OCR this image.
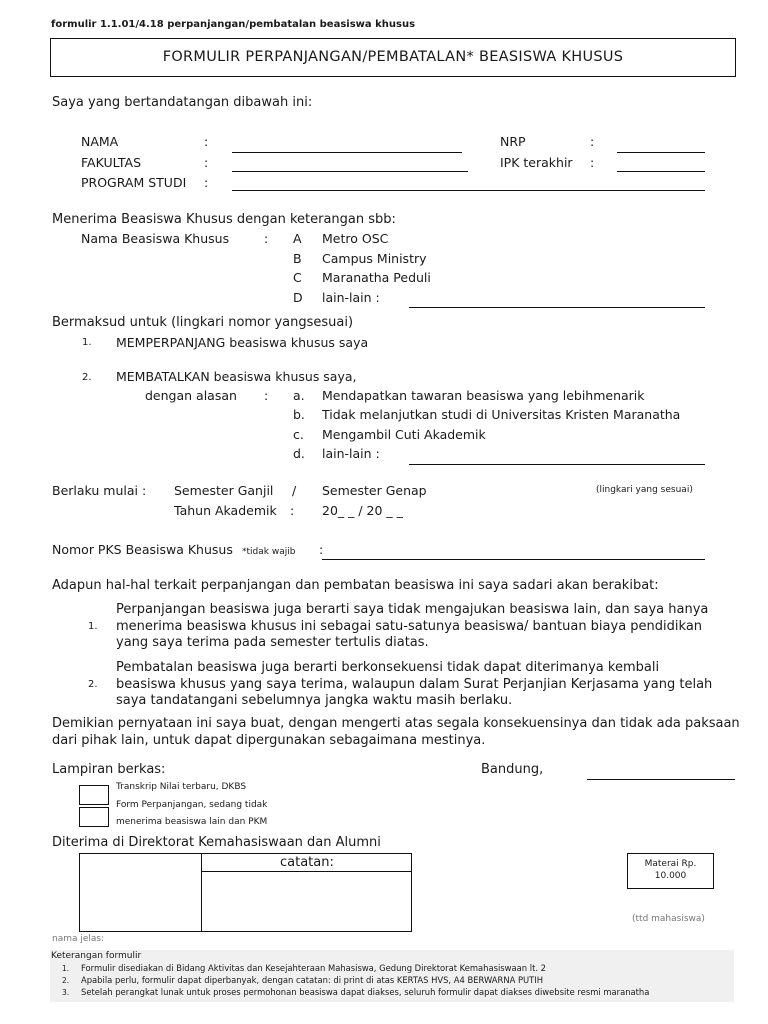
formulir 1.1.01/4.18 perpanjangan/pembatalan beasiswa khusus
FORMULIR PERPANJANGAN/PEMBATALAN* BEASISWA KHUSUS
Saya yang bertandatangan dibawah ini:
NAMA	:
FAKULTAS	:
PROGRAM STUDI :
NRP	:
IPK terakhir :
Menerima Beasiswa Khusus dengan keterangan sbb:
Nama Beasiswa Khusus	: A Metro OSC
B Campus Ministry
C Maranatha Peduli
D lain-lain :
Bermaksud untuk (lingkari nomor yangsesuai)
1. MEMPERPANJANG beasiswa khusus saya
2. MEMBATALKAN beasiswa khusus saya,
dengan alasan : a. Mendapatkan tawaran beasiswa yang lebihmenarik
b. Tidak melanjutkan studi di Universitas Kristen Maranatha
c. Mengambil Cuti Akademik
d. lain-lain :
Berlaku mulai : Semester Ganjil / Semester Genap	(lingkari yang sesuai)
Tahun Akademik : 20_ _ / 20 _ _
Nomor PKS Beasiswa Khusus *tidak wajib :
Adapun hal-hal terkait perpanjangan dan pembatan beasiswa ini saya sadari akan berakibat:
1.
Perpanjangan beasiswa juga berarti saya tidak mengajukan beasiswa lain, dan saya hanya
menerima beasiswa khusus ini sebagai satu-satunya beasiswa/ bantuan biaya pendidikan
yang saya terima pada semester tertulis diatas.
2.
Pembatalan beasiswa juga berarti berkonsekuensi tidak dapat diterimanya kembali
beasiswa khusus yang saya terima, walaupun dalam Surat Perjanjian Kerjasama yang telah
saya tandatangani sebelumnya jangka waktu masih berlaku.
Demikian pernyataan ini saya buat, dengan mengerti atas segala konsekuensinya dan tidak ada paksaan
dari pihak lain, untuk dapat dipergunakan sebagaimana mestinya.
Lampiran berkas:	Bandung,
Transkrip Nilai terbaru, DKBS
Form Perpanjangan, sedang tidak
menerima beasiswa lain dan PKM
Diterima di Direktorat Kemahasiswaan dan Alumni
catatan:	Materai Rp.
10.000
(ttd mahasiswa)
nama jelas:
Keterangan formulir
1. Formulir disediakan di Bidang Aktivitas dan Kesejahteraan Mahasiswa, Gedung Direktorat Kemahasiswaan lt. 2
2. Apabila perlu, formulir dapat diperbanyak, dengan catatan: di print di atas KERTAS HVS, A4 BERWARNA PUTIH
3. Setelah perangkat lunak untuk proses permohonan beasiswa dapat diakses, seluruh formulir dapat diakses diwebsite resmi maranatha
